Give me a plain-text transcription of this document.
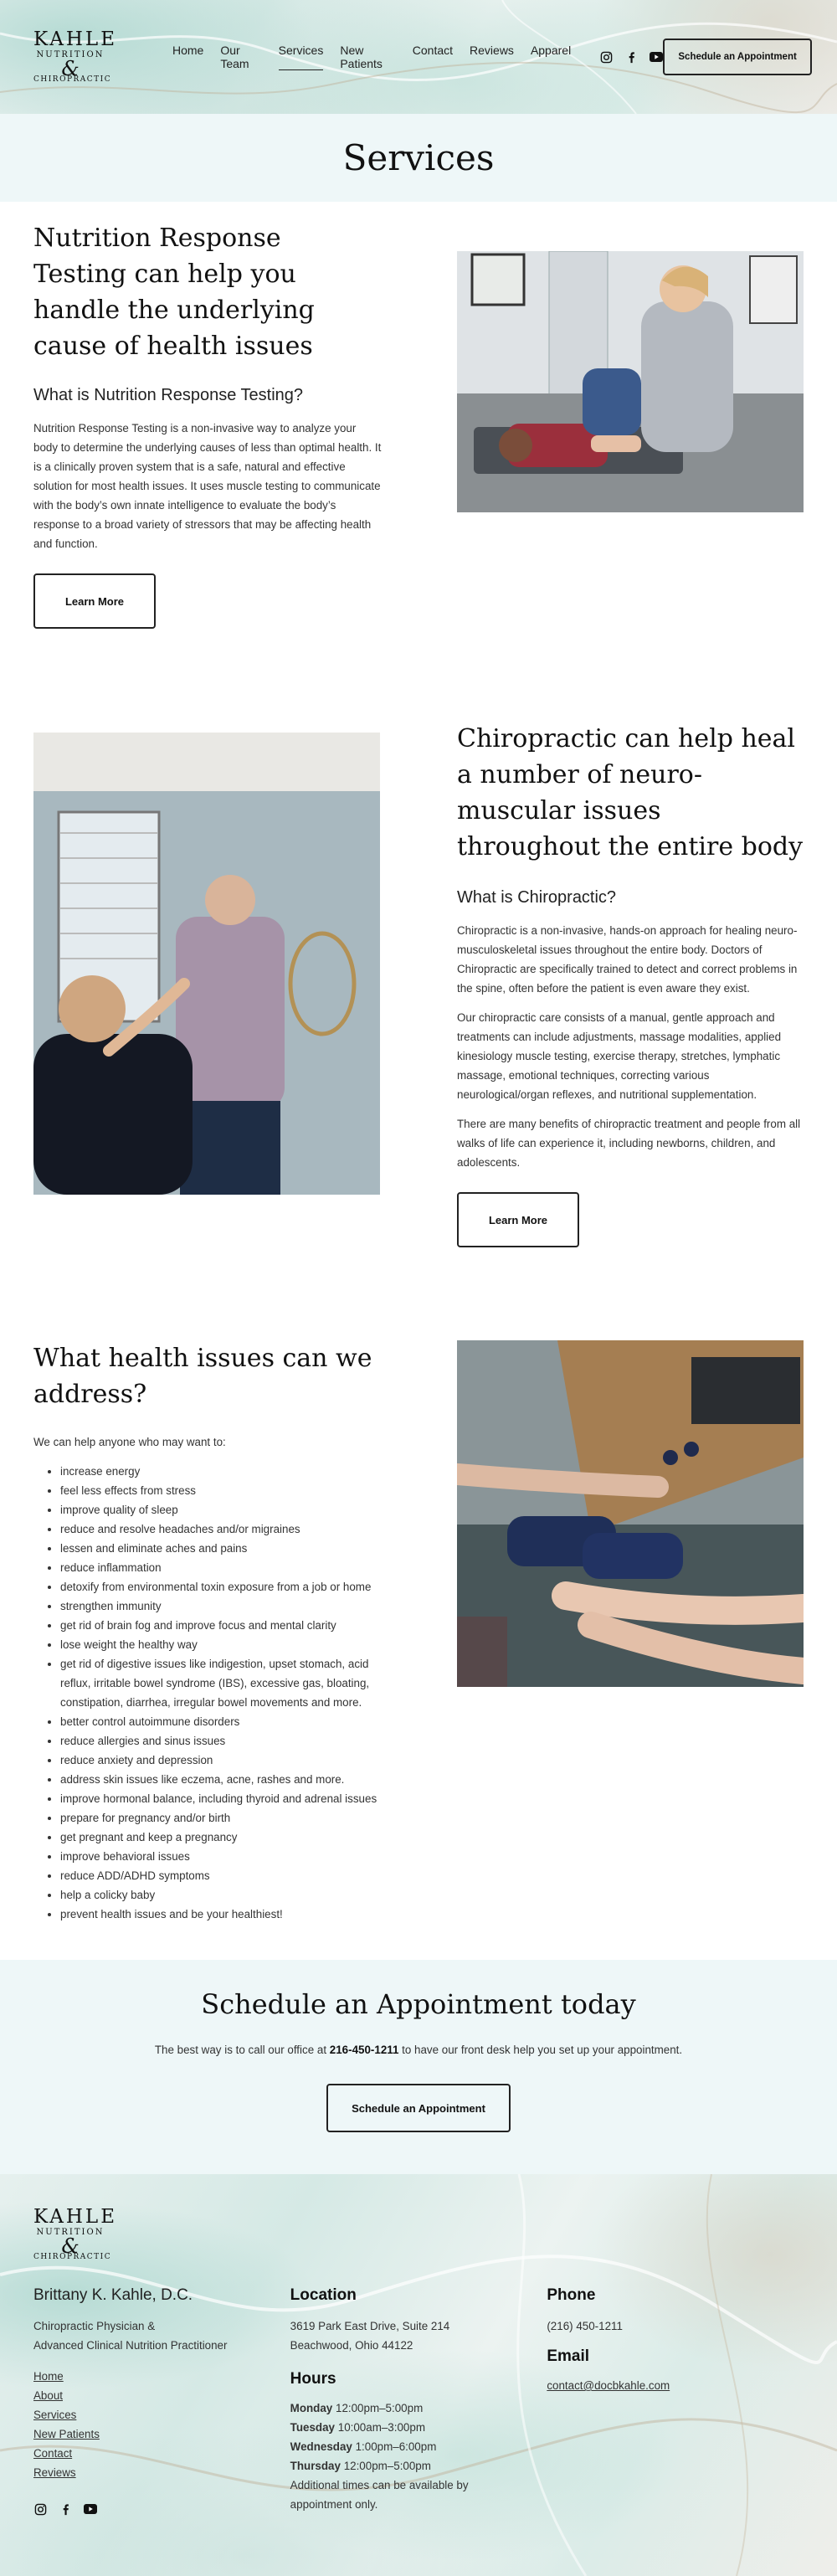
KAHLE
NUTRITION
&
CHIROPRACTIC
Home Our Team
Services New Patients
Contact Reviews Apparel	Schedule an Appointment
Services
Nutrition Response Testing can help you handle the underlying cause of health issues
What is Nutrition Response Testing?

Nutrition Response Testing is a non-invasive way to analyze your body to determine the underlying causes of less than optimal health. It is a clinically proven system that is a safe, natural and effective solution for most health issues. It uses muscle testing to communicate with the body’s own innate intelligence to evaluate the body’s response to a broad variety of stressors that may be affecting health and function.

Learn More
Chiropractic can help heal a number of neuro-muscular issues throughout the entire body
What is Chiropractic?

Chiropractic is a non-invasive, hands-on approach for healing neuro-musculoskeletal issues throughout the entire body. Doctors of Chiropractic are specifically trained to detect and correct problems in the spine, often before the patient is even aware they exist.

Our chiropractic care consists of a manual, gentle approach and treatments can include adjustments, massage modalities, applied kinesiology muscle testing, exercise therapy, stretches, lymphatic massage, emotional techniques, correcting various neurological/organ reflexes, and nutritional supplementation.

There are many benefits of chiropractic treatment and people from all walks of life can experience it, including newborns, children, and adolescents.

Learn More
What health issues can we address?

We can help anyone who may want to:

• increase energy
• feel less effects from stress
• improve quality of sleep
• reduce and resolve headaches and/or migraines
• lessen and eliminate aches and pains
• reduce inflammation
• detoxify from environmental toxin exposure from a job or home
• strengthen immunity
• get rid of brain fog and improve focus and mental clarity
• lose weight the healthy way
• get rid of digestive issues like indigestion, upset stomach, acid reflux, irritable bowel syndrome (IBS), excessive gas, bloating, constipation, diarrhea, irregular bowel movements and more.
• better control autoimmune disorders
• reduce allergies and sinus issues
• reduce anxiety and depression
• address skin issues like eczema, acne, rashes and more.
• improve hormonal balance, including thyroid and adrenal issues
• prepare for pregnancy and/or birth
• get pregnant and keep a pregnancy
• improve behavioral issues
• reduce ADD/ADHD symptoms
• help a colicky baby
• prevent health issues and be your healthiest!
Schedule an Appointment today

The best way is to call our office at 216-450-1211 to have our front desk help you set up your appointment.

Schedule an Appointment
KAHLE
NUTRITION
&
CHIROPRACTIC
Brittany K. Kahle, D.C.

Chiropractic Physician &

Advanced Clinical Nutrition Practitioner

Home
About
Services
New Patients
Contact
Reviews
Location

3619 Park East Drive, Suite 214

Beachwood, Ohio 44122

Hours

Monday 12:00pm–5:00pm

Tuesday 10:00am–3:00pm

Wednesday 1:00pm–6:00pm

Thursday 12:00pm–5:00pm

Additional times can be available by appointment only.

Phone

(216) 450-1211

Email
contact@docbkahle.com
